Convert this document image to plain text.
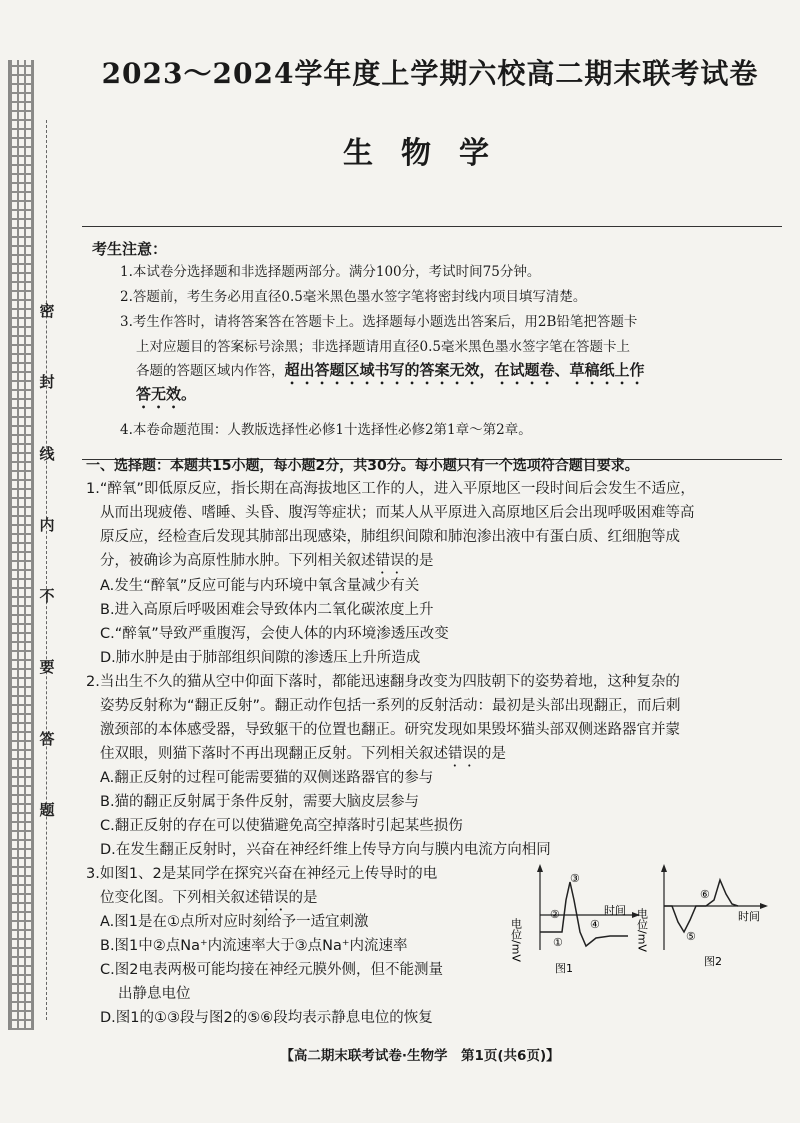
密
封
线
内
不
要
答
题
2023～2024学年度上学期六校高二期末联考试卷
生物学
考生注意：
1.本试卷分选择题和非选择题两部分。满分100分，考试时间75分钟。
2.答题前，考生务必用直径0.5毫米黑色墨水签字笔将密封线内项目填写清楚。
3.考生作答时，请将答案答在答题卡上。选择题每小题选出答案后，用2B铅笔把答题卡
上对应题目的答案标号涂黑；非选择题请用直径0.5毫米黑色墨水签字笔在答题卡上
各题的答题区域内作答，超出答题区域书写的答案无效，在试题卷、草稿纸上作
答无效。
4.本卷命题范围：人教版选择性必修1十选择性必修2第1章～第2章。
一、选择题：本题共15小题，每小题2分，共30分。每小题只有一个选项符合题目要求。
1.“醉氧”即低原反应，指长期在高海拔地区工作的人，进入平原地区一段时间后会发生不适应，
从而出现疲倦、嗜睡、头昏、腹泻等症状；而某人从平原进入高原地区后会出现呼吸困难等高
原反应，经检查后发现其肺部出现感染，肺组织间隙和肺泡渗出液中有蛋白质、红细胞等成
分，被确诊为高原性肺水肿。下列相关叙述错误的是
A.发生“醉氧”反应可能与内环境中氧含量减少有关
B.进入高原后呼吸困难会导致体内二氧化碳浓度上升
C.“醉氧”导致严重腹泻，会使人体的内环境渗透压改变
D.肺水肿是由于肺部组织间隙的渗透压上升所造成
2.当出生不久的猫从空中仰面下落时，都能迅速翻身改变为四肢朝下的姿势着地，这种复杂的
姿势反射称为“翻正反射”。翻正动作包括一系列的反射活动：最初是头部出现翻正，而后刺
激颈部的本体感受器，导致躯干的位置也翻正。研究发现如果毁坏猫头部双侧迷路器官并蒙
住双眼，则猫下落时不再出现翻正反射。下列相关叙述错误的是
A.翻正反射的过程可能需要猫的双侧迷路器官的参与
B.猫的翻正反射属于条件反射，需要大脑皮层参与
C.翻正反射的存在可以使猫避免高空掉落时引起某些损伤
D.在发生翻正反射时，兴奋在神经纤维上传导方向与膜内电流方向相同
3.如图1、2是某同学在探究兴奋在神经元上传导时的电
位变化图。下列相关叙述错误的是
A.图1是在①点所对应时刻给予一适宜刺激
B.图1中②点Na⁺内流速率大于③点Na⁺内流速率
C.图2电表两极可能均接在神经元膜外侧，但不能测量
出静息电位
D.图1的①③段与图2的⑤⑥段均表示静息电位的恢复
电位/mV
时间
①
②
③
④
图1
电位/mV	时间
⑤
⑥
图2
【高二期末联考试卷·生物学　第1页(共6页)】
